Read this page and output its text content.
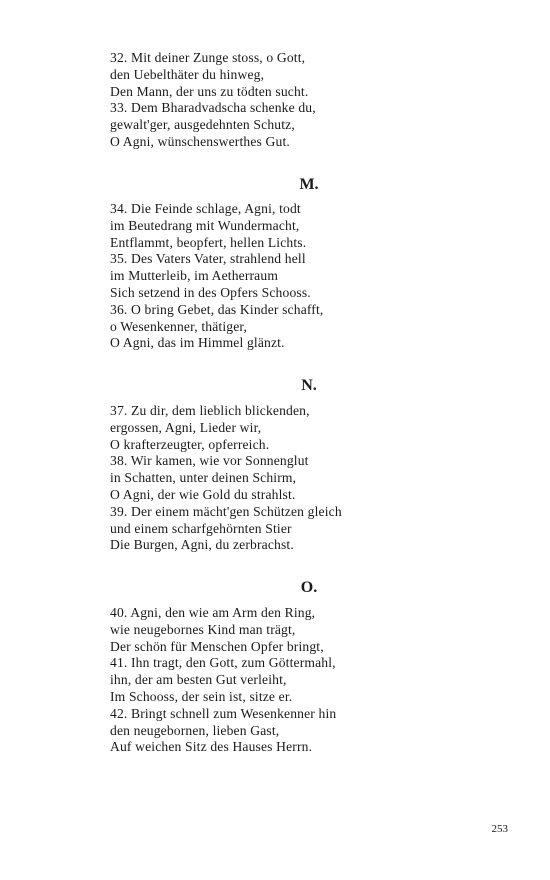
32. Mit deiner Zunge stoss, o Gott,
den Uebelthäter du hinweg,
Den Mann, der uns zu tödten sucht.
33. Dem Bharadvadscha schenke du,
gewalt'ger, ausgedehnten Schutz,
O Agni, wünschenswerthes Gut.
M.
34. Die Feinde schlage, Agni, todt
im Beutedrang mit Wundermacht,
Entflammt, beopfert, hellen Lichts.
35. Des Vaters Vater, strahlend hell
im Mutterleib, im Aetherraum
Sich setzend in des Opfers Schooss.
36. O bring Gebet, das Kinder schafft,
o Wesenkenner, thätiger,
O Agni, das im Himmel glänzt.
N.
37. Zu dir, dem lieblich blickenden,
ergossen, Agni, Lieder wir,
O krafterzeugter, opferreich.
38. Wir kamen, wie vor Sonnenglut
in Schatten, unter deinen Schirm,
O Agni, der wie Gold du strahlst.
39. Der einem mächt'gen Schützen gleich
und einem scharfgehörnten Stier
Die Burgen, Agni, du zerbrachst.
O.
40. Agni, den wie am Arm den Ring,
wie neugebornes Kind man trägt,
Der schön für Menschen Opfer bringt,
41. Ihn tragt, den Gott, zum Göttermahl,
ihn, der am besten Gut verleiht,
Im Schooss, der sein ist, sitze er.
42. Bringt schnell zum Wesenkenner hin
den neugebornen, lieben Gast,
Auf weichen Sitz des Hauses Herrn.
253
